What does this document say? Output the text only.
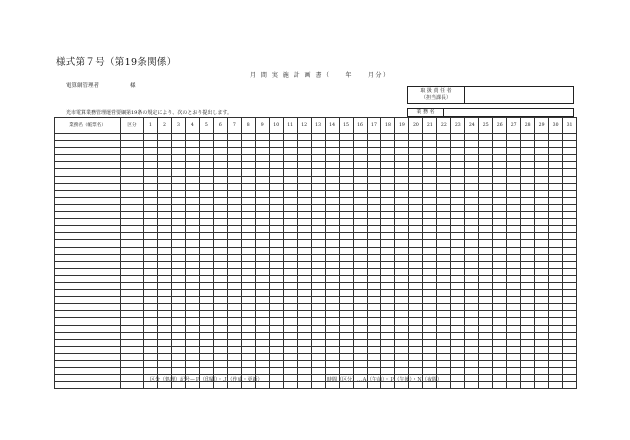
様式第７号（第19条関係）
月 間 実 施 計 画 書（　　年　　月分）
電算網管理者	様
取 扱 責 任 者
（担当課長）
光市電算業務管理運営要綱第19条の規定により、次のとおり提出します。	業 務 名
業務名（帳票名）	区分	1	2	3	4	5	6	7	8	9	10	11	12	13	14	15	16	17	18	19	20	21	22	23	24	25	26	27	28	29	30	31

区分（処理）記号—Ｐ（印刷）・Ｊ（作成・更新）	時間（区分）…Ａ（午前）・Ｐ（午後）・Ｎ（夜間）
